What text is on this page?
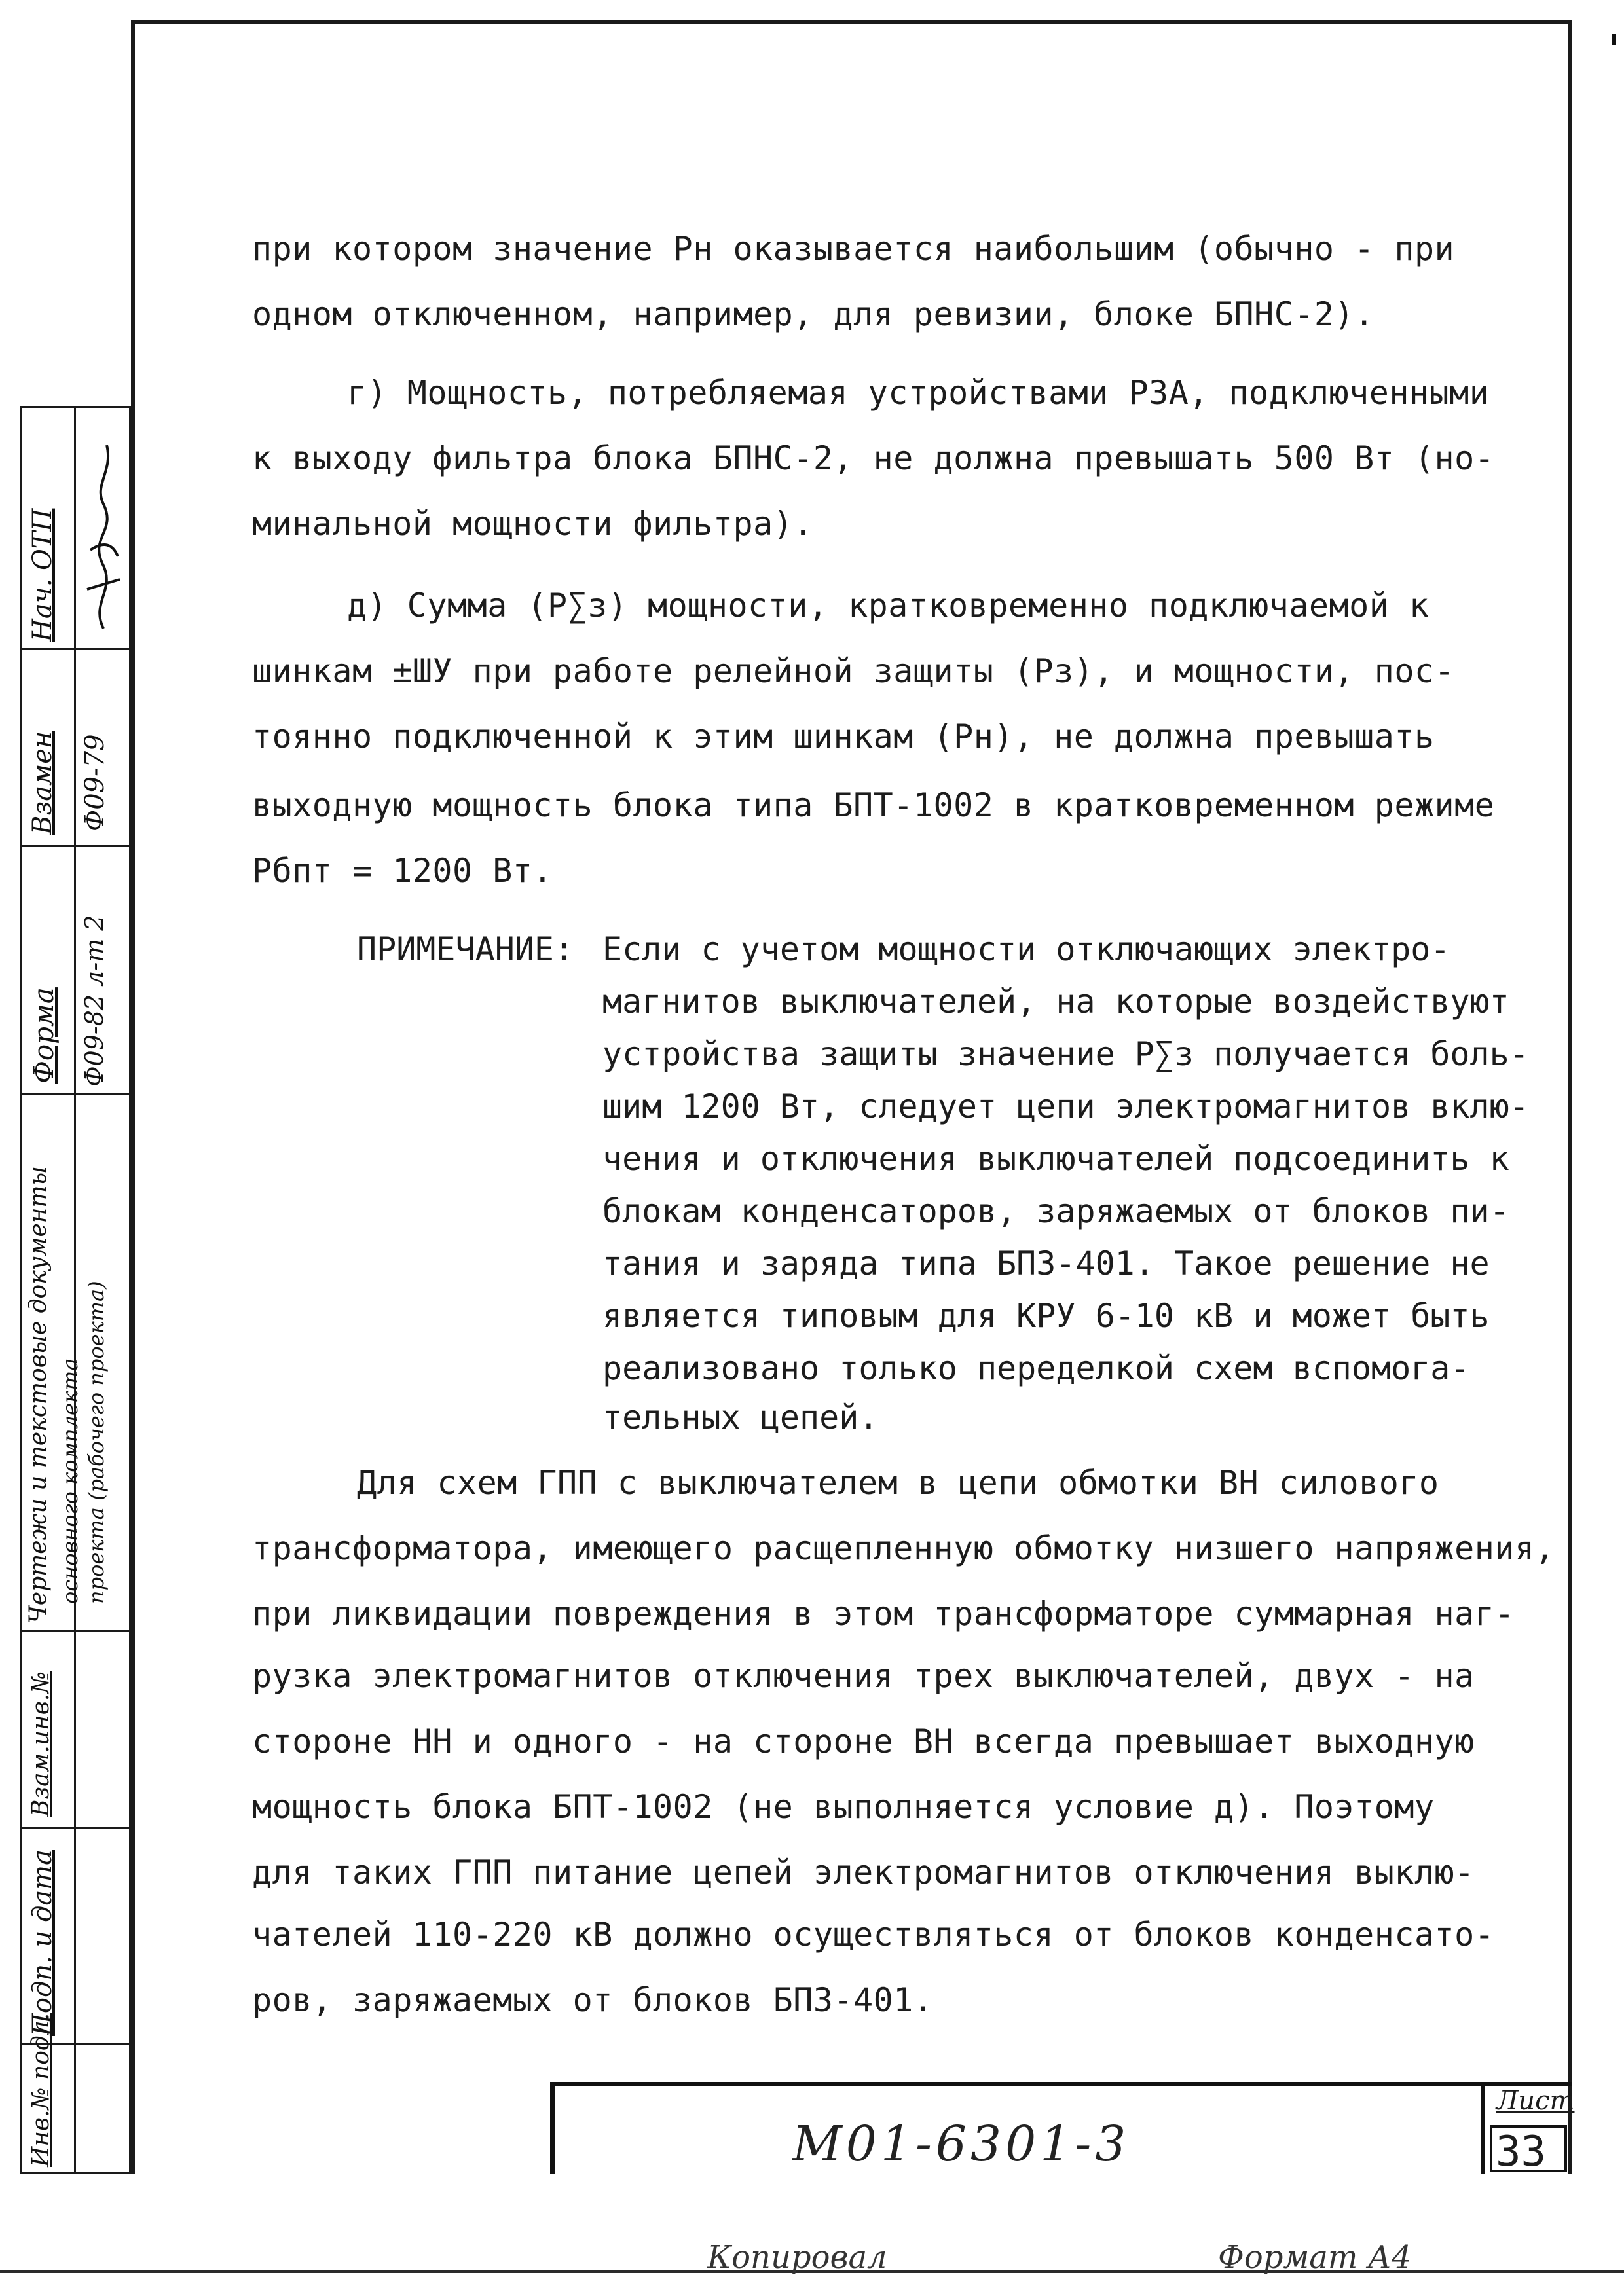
Нач. ОТП
Взамен Ф09-79
Форма Ф09-82 л-т 2
Чертежи и текстовые документы основного комплекта проекта (рабочего проекта)
Взам.инв.№
Подп. и дата
Инв.№ подл.
при котором значение Pн оказывается наибольшим (обычно - при
одном отключенном, например, для ревизии, блоке БПНС-2).
г) Мощность, потребляемая устройствами РЗА, подключенными
к выходу фильтра блока БПНС-2, не должна превышать 500 Вт (но-
минальной мощности фильтра).
д) Сумма (P∑з) мощности, кратковременно подключаемой к
шинкам ±ШУ при работе релейной защиты (Рз), и мощности, пос-
тоянно подключенной к этим шинкам (Pн), не должна превышать
выходную мощность блока типа БПТ-1002 в кратковременном режиме
Pбпт = 1200 Вт.
ПРИМЕЧАНИЕ: Если с учетом мощности отключающих электро-
магнитов выключателей, на которые воздействуют
устройства защиты значение P∑з получается боль-
шим 1200 Вт, следует цепи электромагнитов вклю-
чения и отключения выключателей подсоединить к
блокам конденсаторов, заряжаемых от блоков пи-
тания и заряда типа БПЗ-401. Такое решение не
является типовым для КРУ 6-10 кВ и может быть
реализовано только переделкой схем вспомога-
тельных цепей.
Для схем ГПП с выключателем в цепи обмотки ВН силового
трансформатора, имеющего расщепленную обмотку низшего напряжения,
при ликвидации повреждения в этом трансформаторе суммарная наг-
рузка электромагнитов отключения трех выключателей, двух - на
стороне НН и одного - на стороне ВН всегда превышает выходную
мощность блока БПТ-1002 (не выполняется условие д). Поэтому
для таких ГПП питание цепей электромагнитов отключения выклю-
чателей 110-220 кВ должно осуществляться от блоков конденсато-
ров, заряжаемых от блоков БПЗ-401.
М01-6301-3
Лист
33
Копировал	Формат А4
